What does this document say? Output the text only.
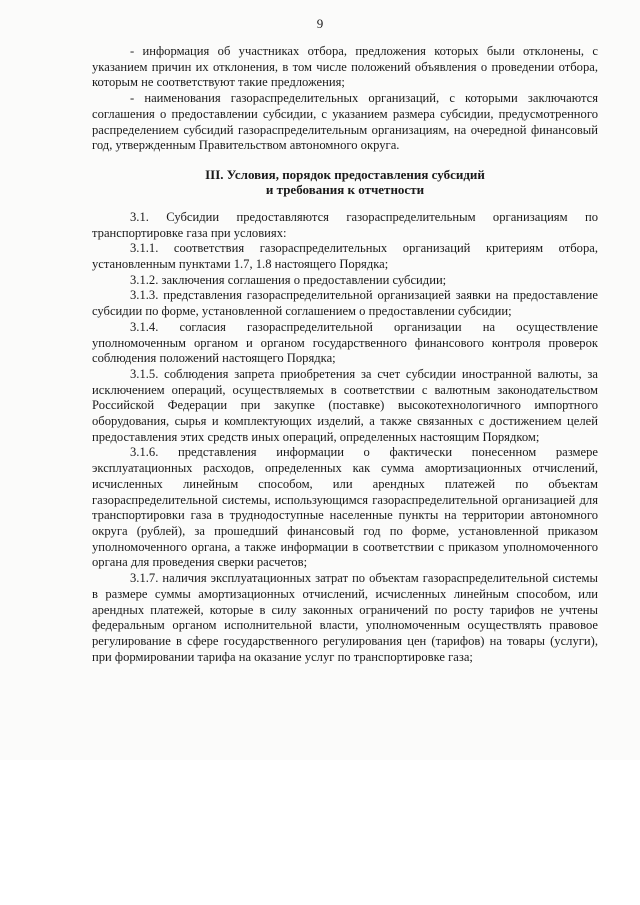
9

- информация об участниках отбора, предложения которых были отклонены, с указанием причин их отклонения, в том числе положений объявления о проведении отбора, которым не соответствуют такие предложения;

- наименования газораспределительных организаций, с которыми заключаются соглашения о предоставлении субсидии, с указанием размера субсидии, предусмотренного распределением субсидий газораспределительным организациям, на очередной финансовый год, утвержденным Правительством автономного округа.

III. Условия, порядок предоставления субсидий
и требования к отчетности

3.1. Субсидии предоставляются газораспределительным организациям по транспортировке газа при условиях:

3.1.1. соответствия газораспределительных организаций критериям отбора, установленным пунктами 1.7, 1.8 настоящего Порядка;

3.1.2. заключения соглашения о предоставлении субсидии;

3.1.3. представления газораспределительной организацией заявки на предоставление субсидии по форме, установленной соглашением о предоставлении субсидии;

3.1.4. согласия газораспределительной организации на осуществление уполномоченным органом и органом государственного финансового контроля проверок соблюдения положений настоящего Порядка;

3.1.5. соблюдения запрета приобретения за счет субсидии иностранной валюты, за исключением операций, осуществляемых в соответствии с валютным законодательством Российской Федерации при закупке (поставке) высокотехнологичного импортного оборудования, сырья и комплектующих изделий, а также связанных с достижением целей предоставления этих средств иных операций, определенных настоящим Порядком;

3.1.6. представления информации о фактически понесенном размере эксплуатационных расходов, определенных как сумма амортизационных отчислений, исчисленных линейным способом, или арендных платежей по объектам газораспределительной системы, использующимся газораспределительной организацией для транспортировки газа в труднодоступные населенные пункты на территории автономного округа (рублей), за прошедший финансовый год по форме, установленной приказом уполномоченного органа, а также информации в соответствии с приказом уполномоченного органа для проведения сверки расчетов;

3.1.7. наличия эксплуатационных затрат по объектам газораспределительной системы в размере суммы амортизационных отчислений, исчисленных линейным способом, или арендных платежей, которые в силу законных ограничений по росту тарифов не учтены федеральным органом исполнительной власти, уполномоченным осуществлять правовое регулирование в сфере государственного регулирования цен (тарифов) на товары (услуги), при формировании тарифа на оказание услуг по транспортировке газа;
